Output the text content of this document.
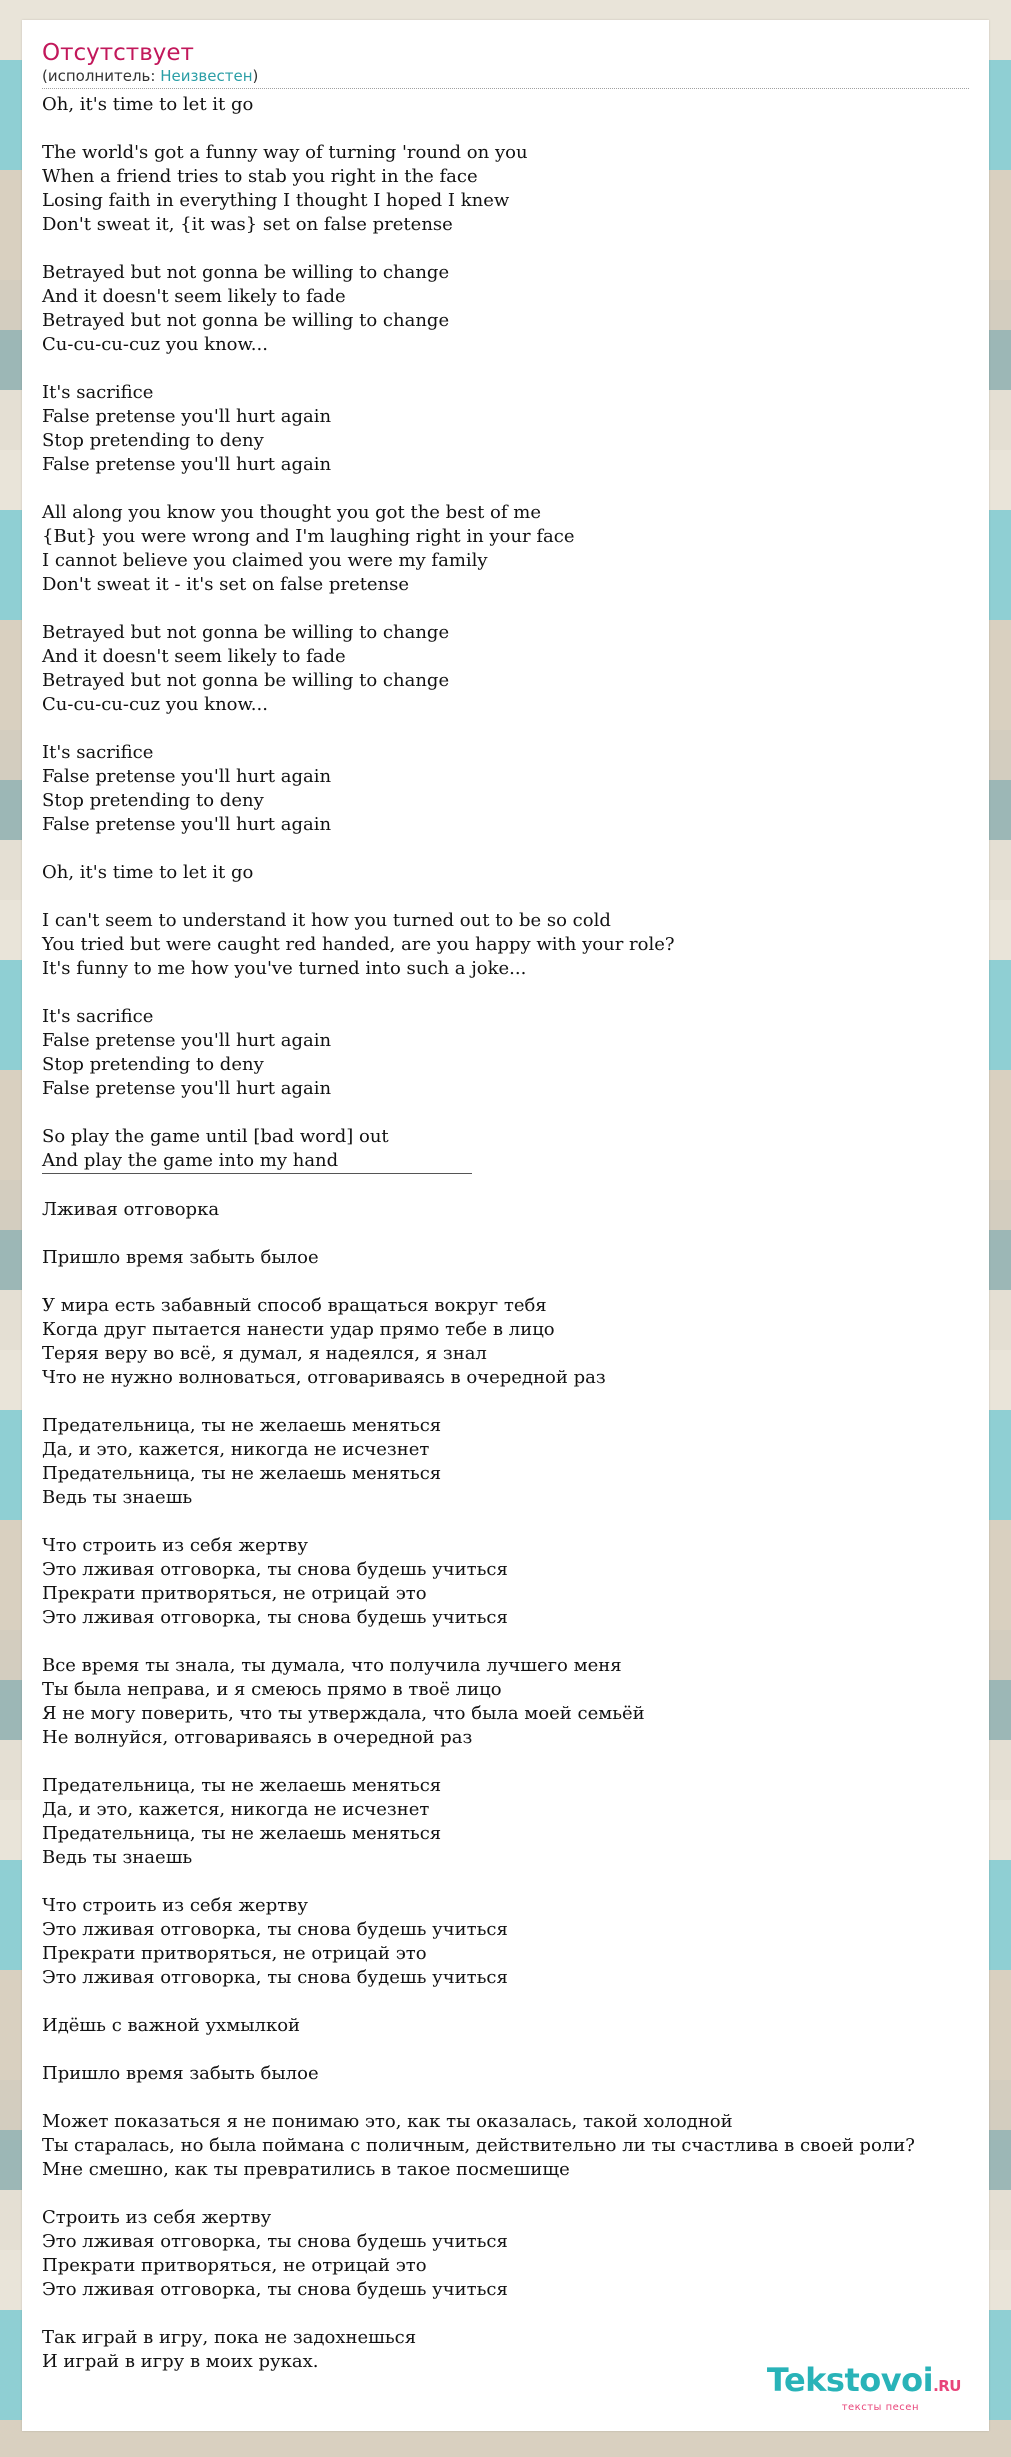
Отсутствует
(исполнитель: Неизвестен)
Oh, it's time to let it go

The world's got a funny way of turning 'round on you
When a friend tries to stab you right in the face
Losing faith in everything I thought I hoped I knew
Don't sweat it, {it was} set on false pretense

Betrayed but not gonna be willing to change
And it doesn't seem likely to fade
Betrayed but not gonna be willing to change
Cu-cu-cu-cuz you know...

It's sacrifice
False pretense you'll hurt again
Stop pretending to deny
False pretense you'll hurt again

All along you know you thought you got the best of me
{But} you were wrong and I'm laughing right in your face
I cannot believe you claimed you were my family
Don't sweat it - it's set on false pretense

Betrayed but not gonna be willing to change
And it doesn't seem likely to fade
Betrayed but not gonna be willing to change
Cu-cu-cu-cuz you know...

It's sacrifice
False pretense you'll hurt again
Stop pretending to deny
False pretense you'll hurt again

Oh, it's time to let it go

I can't seem to understand it how you turned out to be so cold
You tried but were caught red handed, are you happy with your role?
It's funny to me how you've turned into such a joke...

It's sacrifice
False pretense you'll hurt again
Stop pretending to deny
False pretense you'll hurt again

So play the game until [bad word] out
And play the game into my hand

Лживая отговорка

Пришло время забыть былое

У мира есть забавный способ вращаться вокруг тебя
Когда друг пытается нанести удар прямо тебе в лицо
Теряя веру во всё, я думал, я надеялся, я знал
Что не нужно волноваться, отговариваясь в очередной раз

Предательница, ты не желаешь меняться
Да, и это, кажется, никогда не исчезнет
Предательница, ты не желаешь меняться
Ведь ты знаешь

Что строить из себя жертву
Это лживая отговорка, ты снова будешь учиться
Прекрати притворяться, не отрицай это
Это лживая отговорка, ты снова будешь учиться

Все время ты знала, ты думала, что получила лучшего меня
Ты была неправа, и я смеюсь прямо в твоё лицо
Я не могу поверить, что ты утверждала, что была моей семьёй
Не волнуйся, отговариваясь в очередной раз

Предательница, ты не желаешь меняться
Да, и это, кажется, никогда не исчезнет
Предательница, ты не желаешь меняться
Ведь ты знаешь

Что строить из себя жертву
Это лживая отговорка, ты снова будешь учиться
Прекрати притворяться, не отрицай это
Это лживая отговорка, ты снова будешь учиться

Идёшь с важной ухмылкой

Пришло время забыть былое

Может показаться я не понимаю это, как ты оказалась, такой холодной
Ты старалась, но была поймана с поличным, действительно ли ты счастлива в своей роли?
Мне смешно, как ты превратились в такое посмешище

Строить из себя жертву
Это лживая отговорка, ты снова будешь учиться
Прекрати притворяться, не отрицай это
Это лживая отговорка, ты снова будешь учиться

Так играй в игру, пока не задохнешься
И играй в игру в моих руках.	Tekstovoi.RU
тексты песен
